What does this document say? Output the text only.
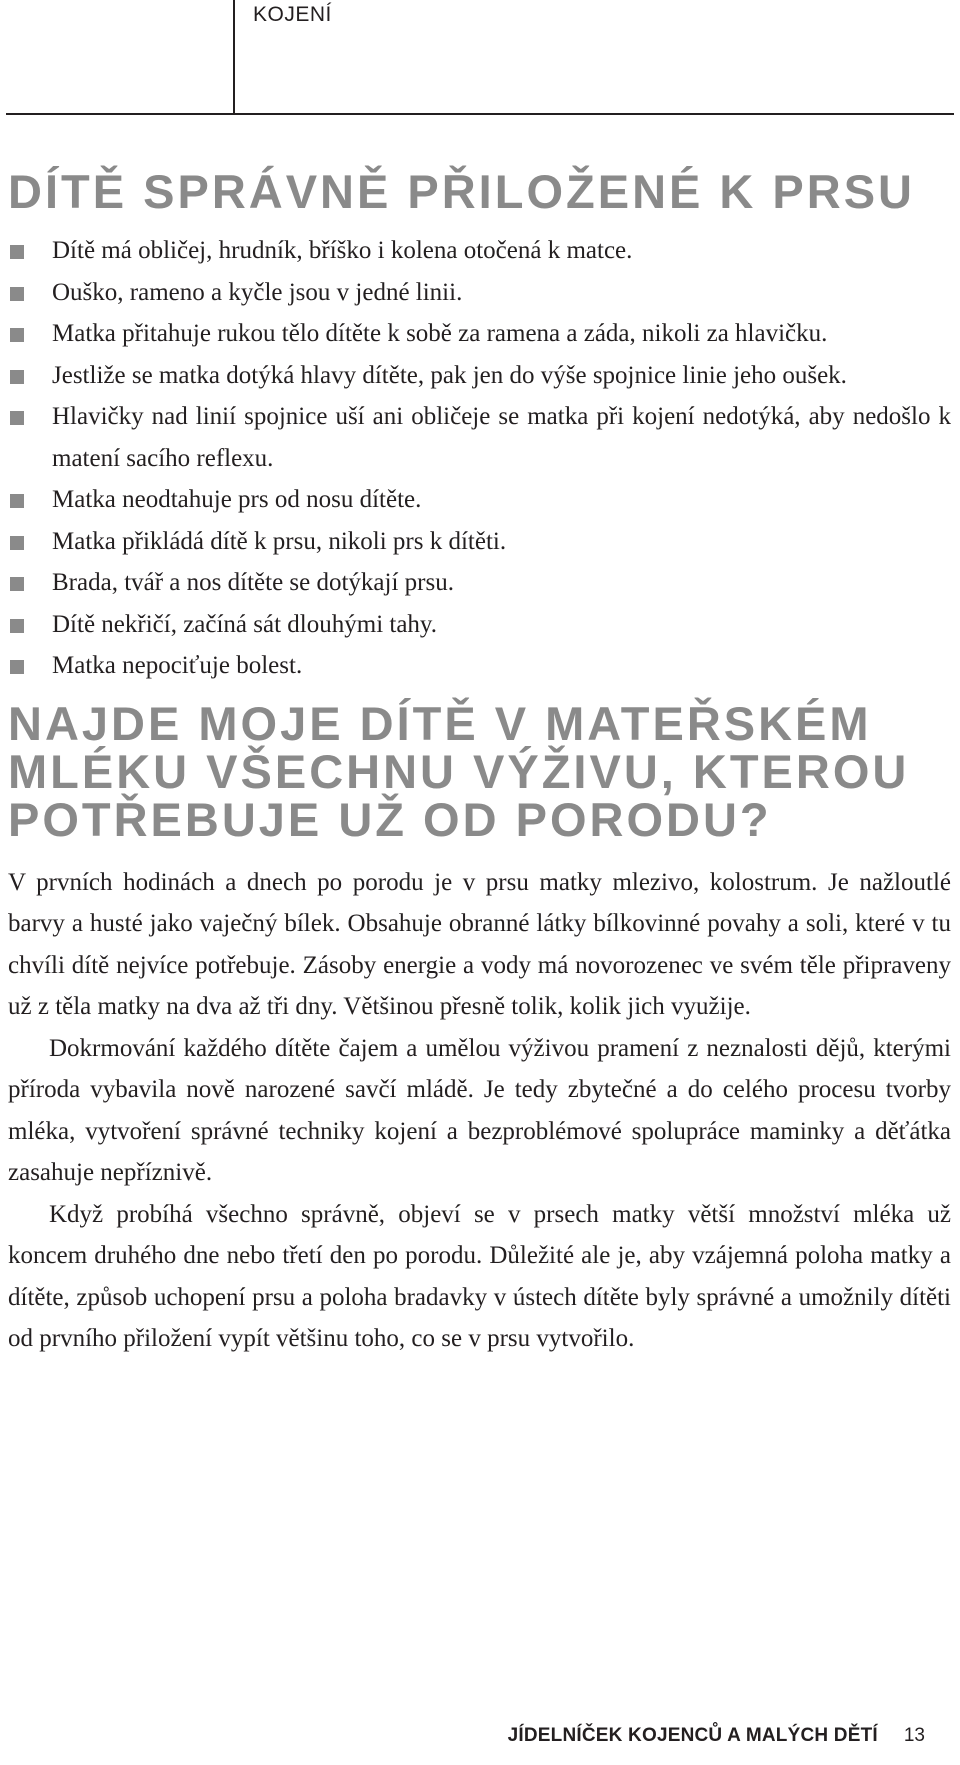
KOJENÍ
DÍTĚ SPRÁVNĚ PŘILOŽENÉ K PRSU
Dítě má obličej, hrudník, bříško i kolena otočená k matce.
Ouško, rameno a kyčle jsou v jedné linii.
Matka přitahuje rukou tělo dítěte k sobě za ramena a záda, nikoli za hlavičku.
Jestliže se matka dotýká hlavy dítěte, pak jen do výše spojnice linie jeho oušek.
Hlavičky nad linií spojnice uší ani obličeje se matka při kojení nedotýká, aby nedošlo k matení sacího reflexu.
Matka neodtahuje prs od nosu dítěte.
Matka přikládá dítě k prsu, nikoli prs k dítěti.
Brada, tvář a nos dítěte se dotýkají prsu.
Dítě nekřičí, začíná sát dlouhými tahy.
Matka nepociťuje bolest.
NAJDE MOJE DÍTĚ V MATEŘSKÉM MLÉKU VŠECHNU VÝŽIVU, KTEROU POTŘEBUJE UŽ OD PORODU?

V prvních hodinách a dnech po porodu je v prsu matky mlezivo, kolostrum. Je nažloutlé barvy a husté jako vaječný bílek. Obsahuje obranné látky bílkovinné povahy a soli, které v tu chvíli dítě nejvíce potřebuje. Zásoby energie a vody má novorozenec ve svém těle připraveny už z těla matky na dva až tři dny. Většinou přesně tolik, kolik jich využije.

Dokrmování každého dítěte čajem a umělou výživou pramení z neznalosti dějů, kterými příroda vybavila nově narozené savčí mládě. Je tedy zbytečné a do celého procesu tvorby mléka, vytvoření správné techniky kojení a bezproblémové spolupráce maminky a děťátka zasahuje nepříznivě.

Když probíhá všechno správně, objeví se v prsech matky větší množství mléka už koncem druhého dne nebo třetí den po porodu. Důležité ale je, aby vzájemná poloha matky a dítěte, způsob uchopení prsu a poloha bradavky v ústech dítěte byly správné a umožnily dítěti od prvního přiložení vypít většinu toho, co se v prsu vytvořilo.

JÍDELNÍČEK KOJENCŮ A MALÝCH DĚTÍ 13
